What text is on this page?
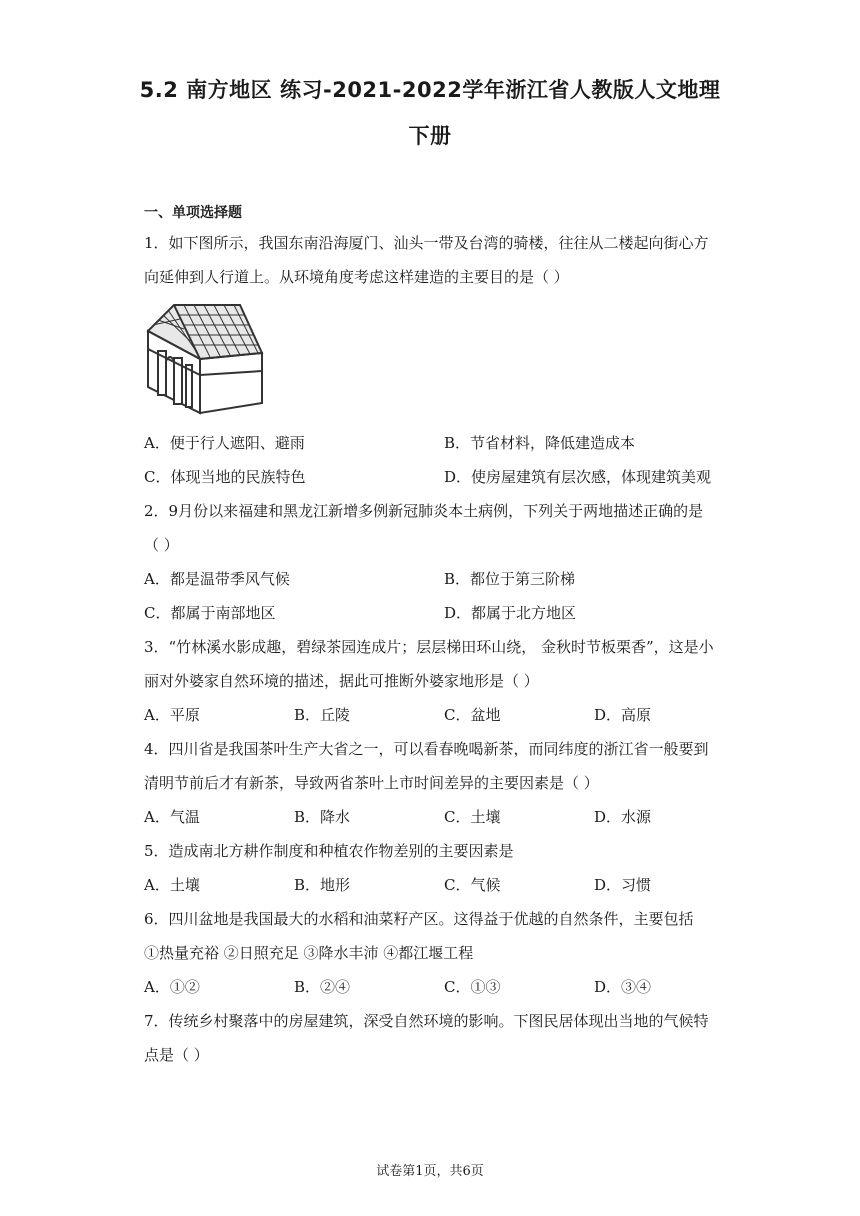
5.2 南方地区 练习-2021-2022学年浙江省人教版人文地理
下册
一、单项选择题
1．如下图所示，我国东南沿海厦门、汕头一带及台湾的骑楼，往往从二楼起向街心方
向延伸到人行道上。从环境角度考虑这样建造的主要目的是（ ）
A．便于行人遮阳、避雨	B．节省材料，降低建造成本
C．体现当地的民族特色	D．使房屋建筑有层次感，体现建筑美观
2．9月份以来福建和黑龙江新增多例新冠肺炎本土病例，下列关于两地描述正确的是
（ ）
A．都是温带季风气候	B．都位于第三阶梯
C．都属于南部地区	D．都属于北方地区
3．“竹林溪水影成趣，碧绿茶园连成片；层层梯田环山绕， 金秋时节板栗香”，这是小
丽对外婆家自然环境的描述，据此可推断外婆家地形是（ ）
A．平原	B．丘陵	C．盆地	D．高原
4．四川省是我国茶叶生产大省之一，可以看春晚喝新茶，而同纬度的浙江省一般要到
清明节前后才有新茶，导致两省茶叶上市时间差异的主要因素是（ ）
A．气温	B．降水	C．土壤	D．水源
5．造成南北方耕作制度和种植农作物差别的主要因素是
A．土壤	B．地形	C．气候	D．习惯
6．四川盆地是我国最大的水稻和油菜籽产区。这得益于优越的自然条件，主要包括
①热量充裕 ②日照充足 ③降水丰沛 ④都江堰工程
A．①②	B．②④	C．①③	D．③④
7．传统乡村聚落中的房屋建筑，深受自然环境的影响。下图民居体现出当地的气候特
点是（ ）
试卷第1页，共6页
